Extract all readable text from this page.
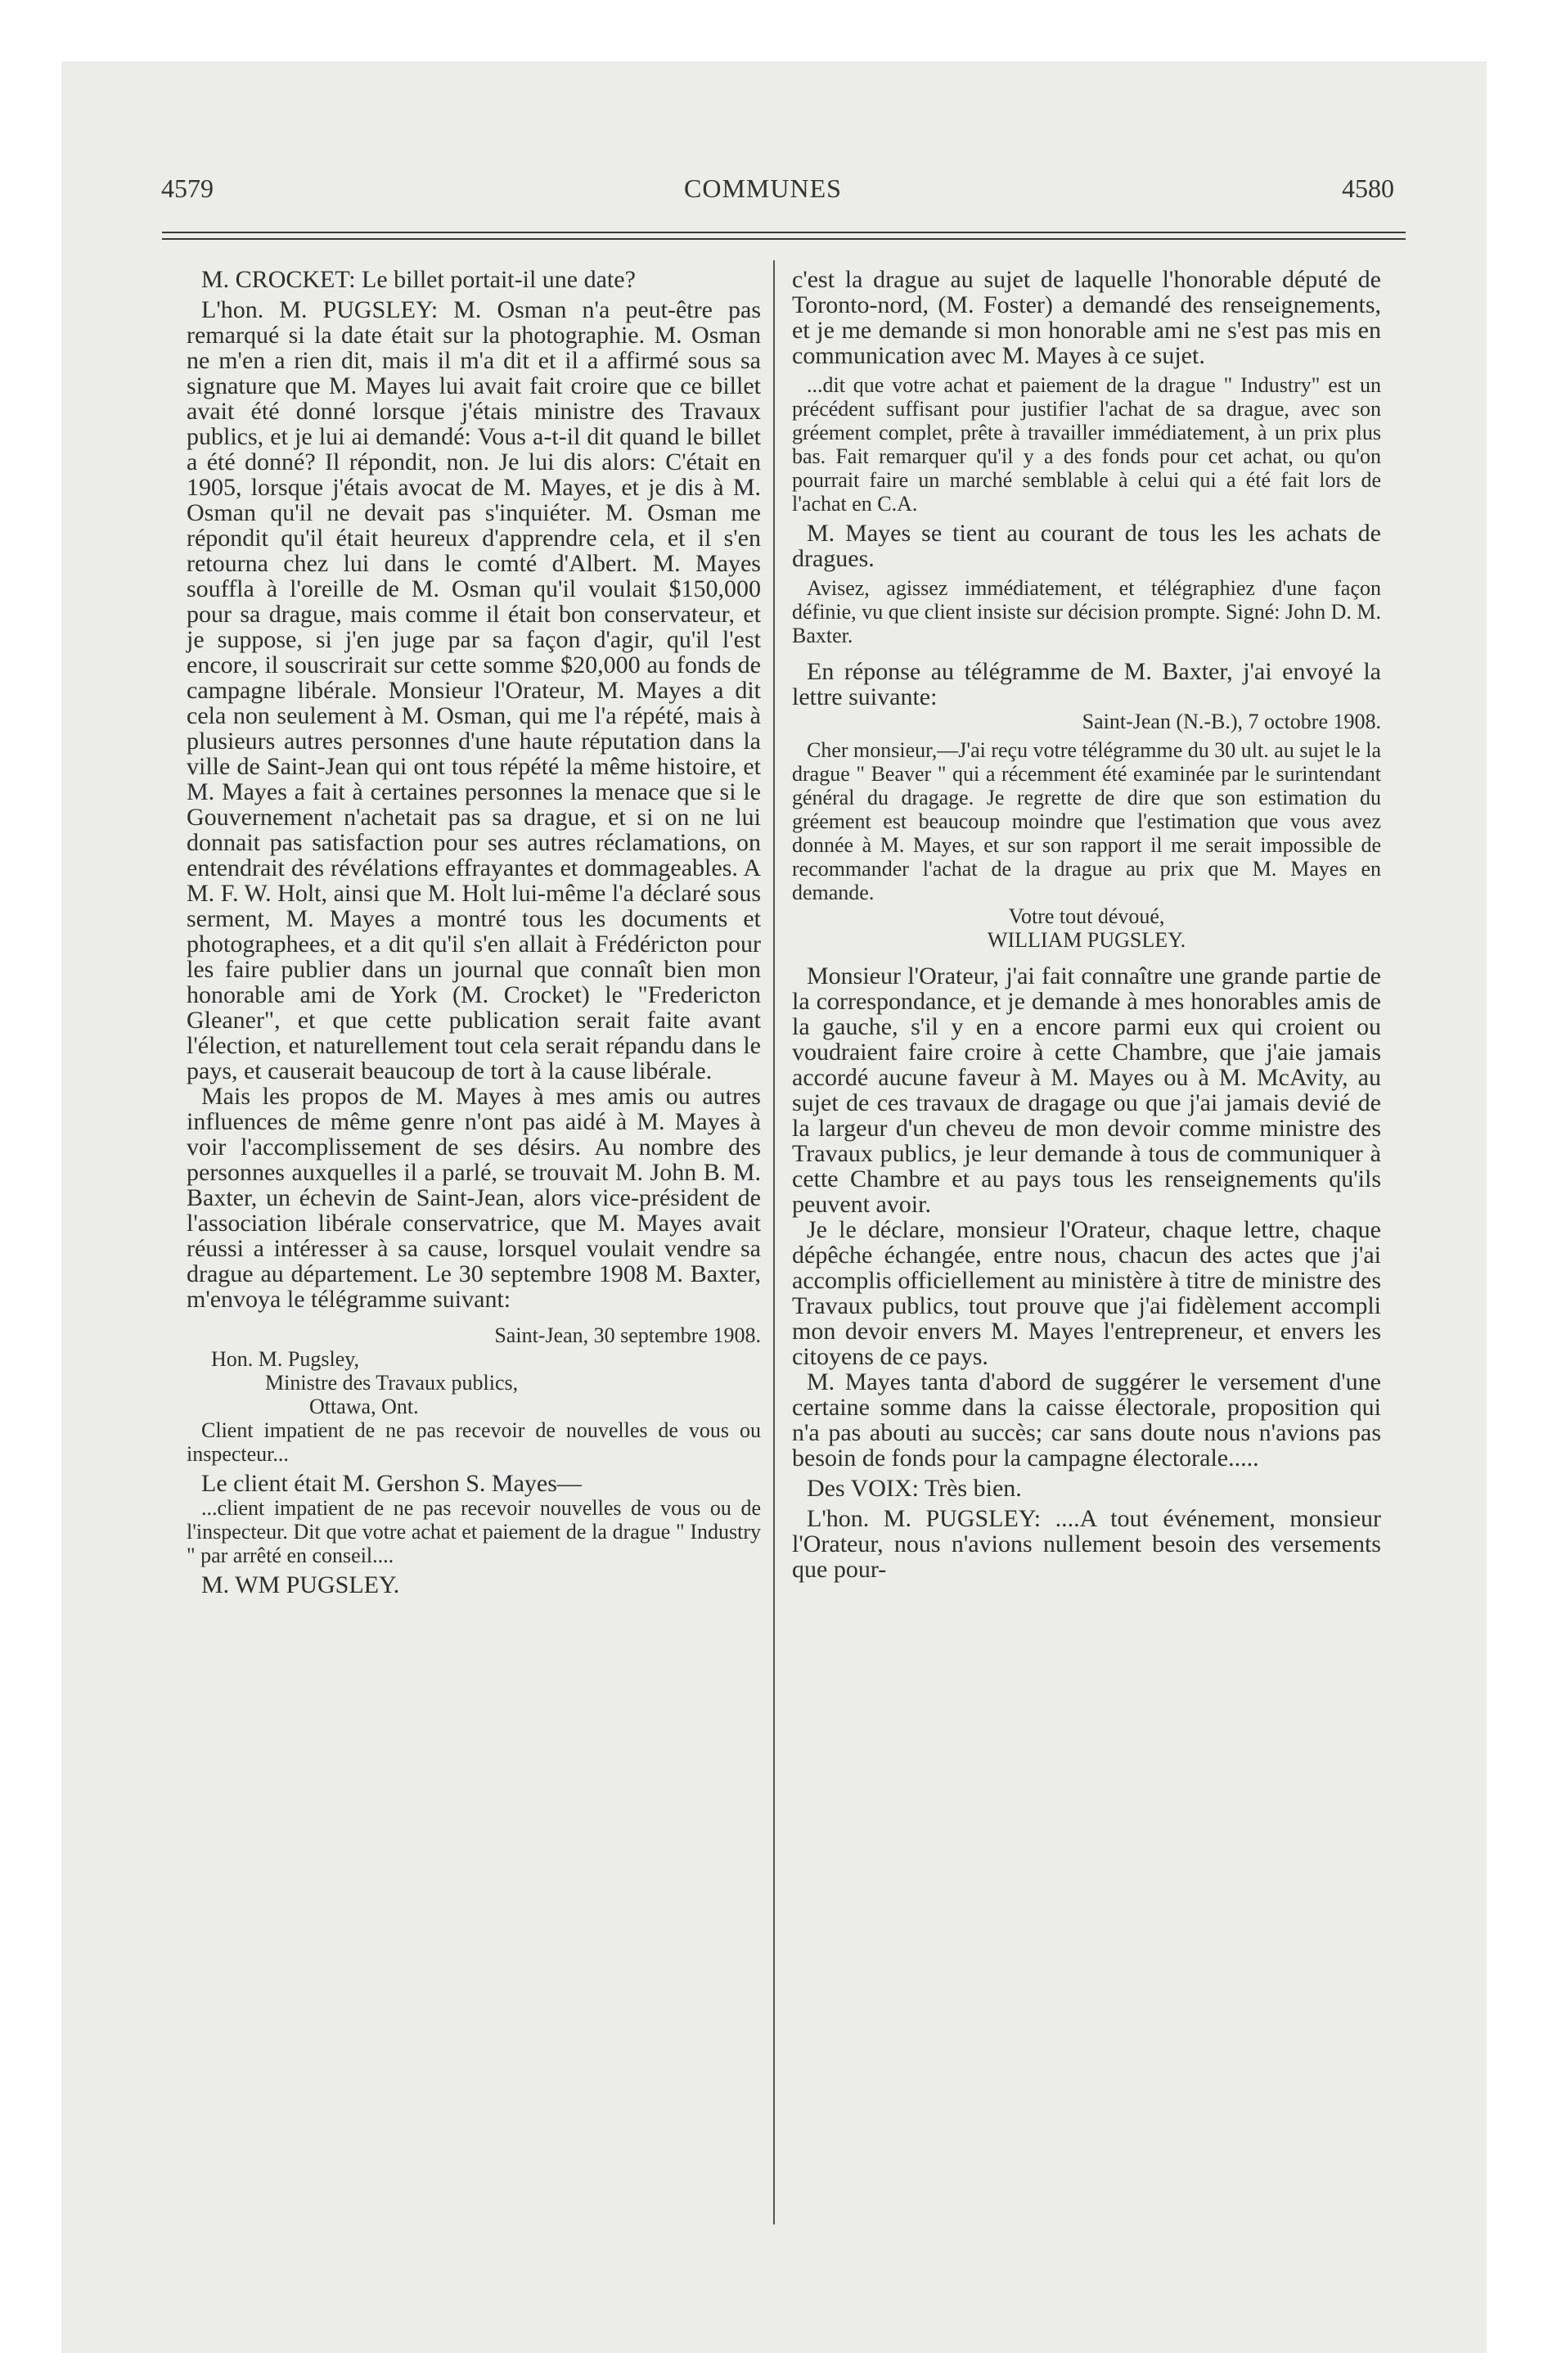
4579	COMMUNES	4580

M. CROCKET: Le billet portait-il une date?

L'hon. M. PUGSLEY: M. Osman n'a peut-être pas remarqué si la date était sur la photographie. M. Osman ne m'en a rien dit, mais il m'a dit et il a affirmé sous sa signature que M. Mayes lui avait fait croire que ce billet avait été donné lorsque j'étais ministre des Travaux publics, et je lui ai demandé: Vous a-t-il dit quand le billet a été donné? Il répondit, non. Je lui dis alors: C'était en 1905, lorsque j'étais avocat de M. Mayes, et je dis à M. Osman qu'il ne devait pas s'inquiéter. M. Osman me répondit qu'il était heureux d'apprendre cela, et il s'en retourna chez lui dans le comté d'Albert. M. Mayes souffla à l'oreille de M. Osman qu'il voulait $150,000 pour sa drague, mais comme il était bon conservateur, et je suppose, si j'en juge par sa façon d'agir, qu'il l'est encore, il souscrirait sur cette somme $20,000 au fonds de campagne libérale. Monsieur l'Orateur, M. Mayes a dit cela non seulement à M. Osman, qui me l'a répété, mais à plusieurs autres personnes d'une haute réputation dans la ville de Saint-Jean qui ont tous répété la même histoire, et M. Mayes a fait à certaines personnes la menace que si le Gouvernement n'achetait pas sa drague, et si on ne lui donnait pas satisfaction pour ses autres réclamations, on entendrait des révélations effrayantes et dommageables. A M. F. W. Holt, ainsi que M. Holt lui-même l'a déclaré sous serment, M. Mayes a montré tous les documents et photographees, et a dit qu'il s'en allait à Frédéricton pour les faire publier dans un journal que connaît bien mon honorable ami de York (M. Crocket) le "Fredericton Gleaner", et que cette publication serait faite avant l'élection, et naturellement tout cela serait répandu dans le pays, et causerait beaucoup de tort à la cause libérale.

Mais les propos de M. Mayes à mes amis ou autres influences de même genre n'ont pas aidé à M. Mayes à voir l'accomplissement de ses désirs. Au nombre des personnes auxquelles il a parlé, se trouvait M. John B. M. Baxter, un échevin de Saint-Jean, alors vice-président de l'association libérale conservatrice, que M. Mayes avait réussi a intéresser à sa cause, lorsquel voulait vendre sa drague au département. Le 30 septembre 1908 M. Baxter, m'envoya le télégramme suivant:

Saint-Jean, 30 septembre 1908.

Hon. M. Pugsley,

Ministre des Travaux publics,

Ottawa, Ont.

Client impatient de ne pas recevoir de nouvelles de vous ou inspecteur...

Le client était M. Gershon S. Mayes—

...client impatient de ne pas recevoir nouvelles de vous ou de l'inspecteur. Dit que votre achat et paiement de la drague " Industry " par arrêté en conseil....

M. WM PUGSLEY.

c'est la drague au sujet de laquelle l'honorable député de Toronto-nord, (M. Foster) a demandé des renseignements, et je me demande si mon honorable ami ne s'est pas mis en communication avec M. Mayes à ce sujet.

...dit que votre achat et paiement de la drague " Industry" est un précédent suffisant pour justifier l'achat de sa drague, avec son gréement complet, prête à travailler immédiatement, à un prix plus bas. Fait remarquer qu'il y a des fonds pour cet achat, ou qu'on pourrait faire un marché semblable à celui qui a été fait lors de l'achat en C.A.

M. Mayes se tient au courant de tous les les achats de dragues.

Avisez, agissez immédiatement, et télégraphiez d'une façon définie, vu que client insiste sur décision prompte. Signé: John D. M. Baxter.

En réponse au télégramme de M. Baxter, j'ai envoyé la lettre suivante:

Saint-Jean (N.-B.), 7 octobre 1908.

Cher monsieur,—J'ai reçu votre télégramme du 30 ult. au sujet le la drague " Beaver " qui a récemment été examinée par le surintendant général du dragage. Je regrette de dire que son estimation du gréement est beaucoup moindre que l'estimation que vous avez donnée à M. Mayes, et sur son rapport il me serait impossible de recommander l'achat de la drague au prix que M. Mayes en demande.

Votre tout dévoué,

WILLIAM PUGSLEY.

Monsieur l'Orateur, j'ai fait connaître une grande partie de la correspondance, et je demande à mes honorables amis de la gauche, s'il y en a encore parmi eux qui croient ou voudraient faire croire à cette Chambre, que j'aie jamais accordé aucune faveur à M. Mayes ou à M. McAvity, au sujet de ces travaux de dragage ou que j'ai jamais devié de la largeur d'un cheveu de mon devoir comme ministre des Travaux publics, je leur demande à tous de communiquer à cette Chambre et au pays tous les renseignements qu'ils peuvent avoir.

Je le déclare, monsieur l'Orateur, chaque lettre, chaque dépêche échangée, entre nous, chacun des actes que j'ai accomplis officiellement au ministère à titre de ministre des Travaux publics, tout prouve que j'ai fidèlement accompli mon devoir envers M. Mayes l'entrepreneur, et envers les citoyens de ce pays.

M. Mayes tanta d'abord de suggérer le versement d'une certaine somme dans la caisse électorale, proposition qui n'a pas abouti au succès; car sans doute nous n'avions pas besoin de fonds pour la campagne électorale.....

Des VOIX: Très bien.

L'hon. M. PUGSLEY: ....A tout événement, monsieur l'Orateur, nous n'avions nullement besoin des versements que pour-
